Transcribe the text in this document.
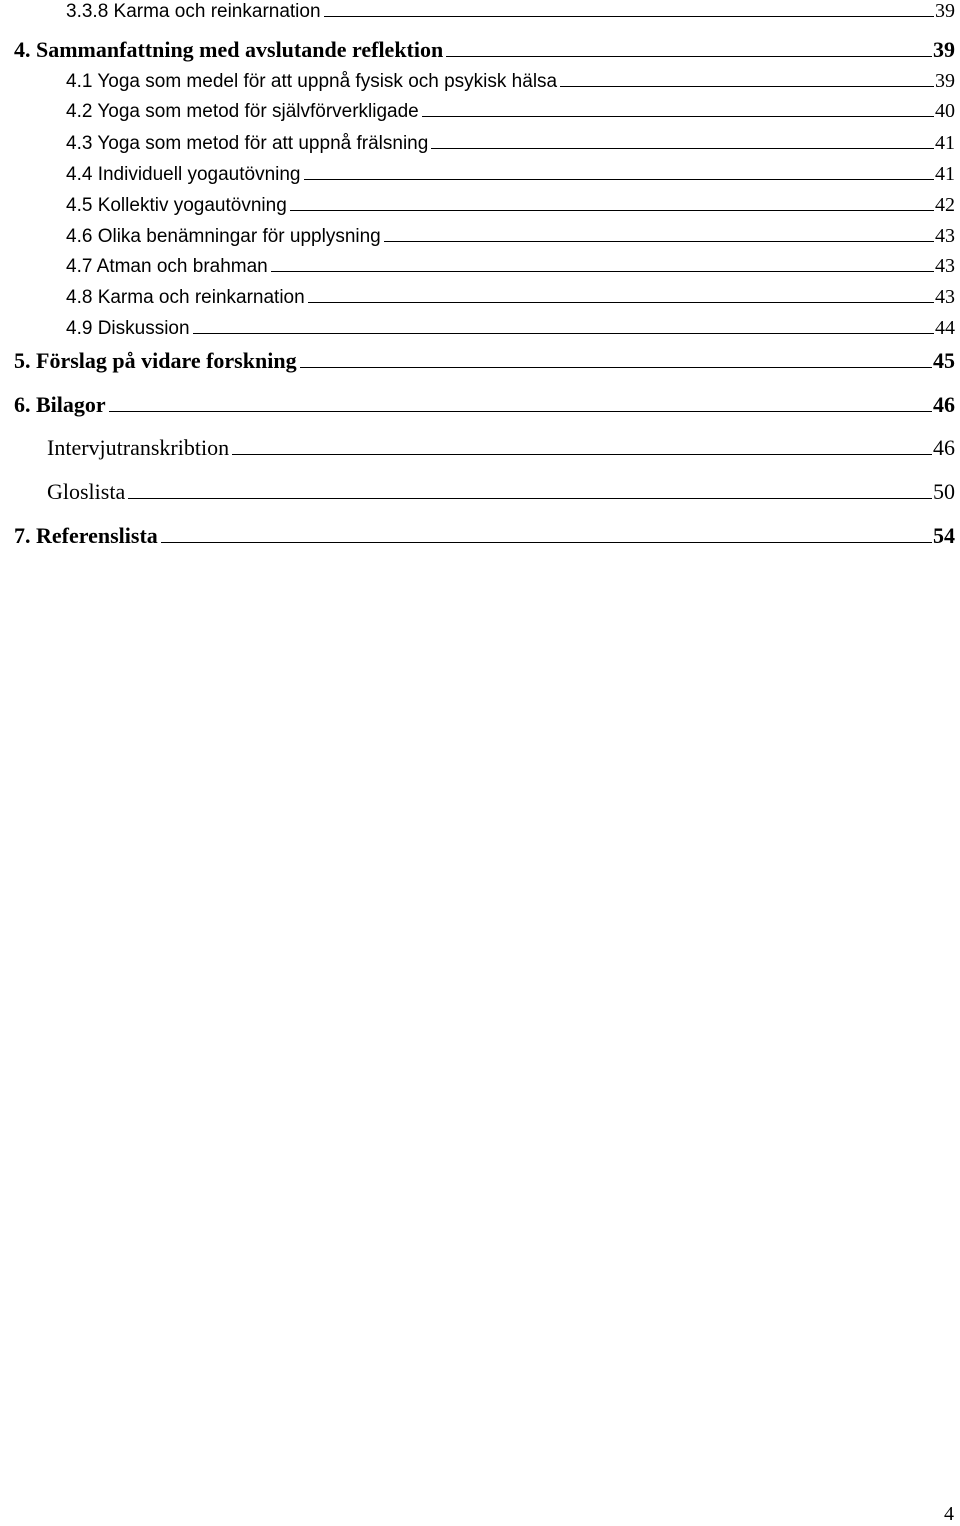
3.3.8 Karma och reinkarnation	39
4. Sammanfattning med avslutande reflektion	39
4.1 Yoga som medel för att uppnå fysisk och psykisk hälsa	39
4.2 Yoga som metod för självförverkligade	40
4.3 Yoga som metod för att uppnå frälsning	41
4.4 Individuell yogautövning	41
4.5 Kollektiv yogautövning	42
4.6 Olika benämningar för upplysning	43
4.7 Atman och brahman	43
4.8 Karma och reinkarnation	43
4.9 Diskussion	44
5. Förslag på vidare forskning	45
6. Bilagor	46
Intervjutranskribtion	46
Gloslista	50
7. Referenslista	54
4
